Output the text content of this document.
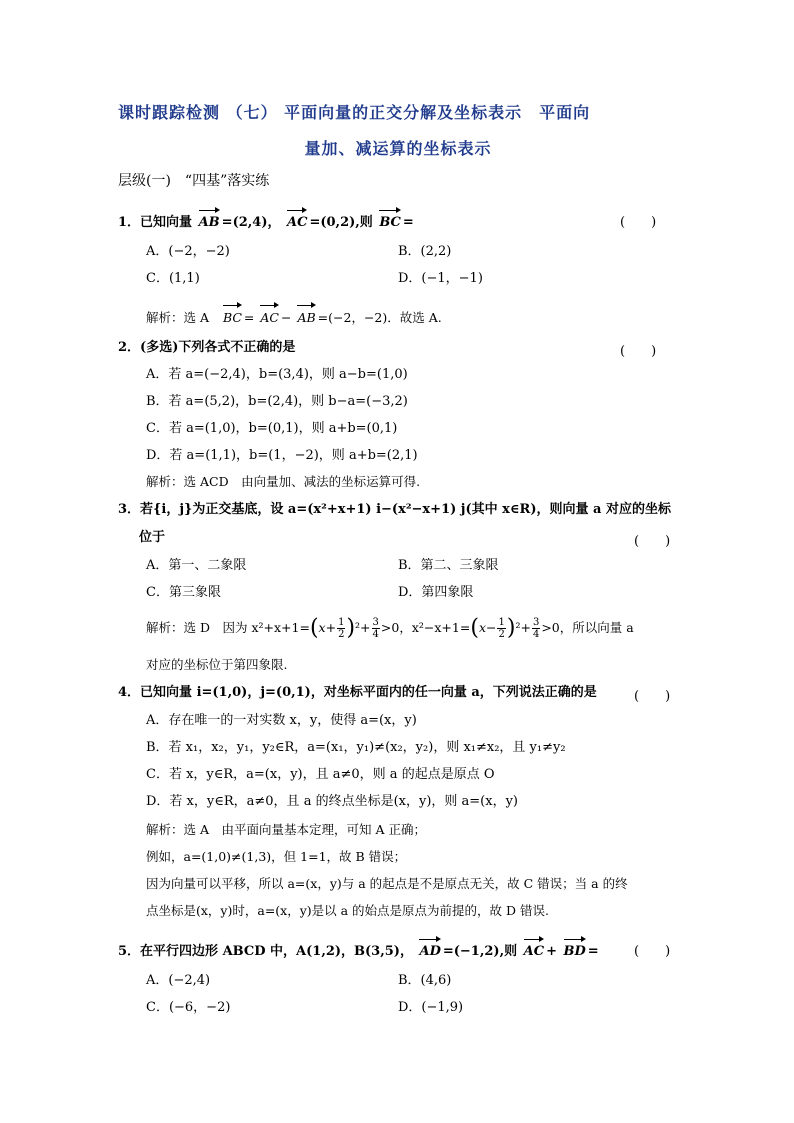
课时跟踪检测 （七） 平面向量的正交分解及坐标表示　平面向
量加、减运算的坐标表示
层级(一)　“四基”落实练
1．已知向量 AB =(2,4)， AC =(0,2),则 BC =	(　　)
A．(−2，−2)	B．(2,2)
C．(1,1)	D．(−1，−1)
解析：选 A BC = AC − AB =(−2，−2)．故选 A.
2．(多选)下列各式不正确的是	(　　)
A．若 a=(−2,4)，b=(3,4)，则 a−b=(1,0)
B．若 a=(5,2)，b=(2,4)，则 b−a=(−3,2)
C．若 a=(1,0)，b=(0,1)，则 a+b=(0,1)
D．若 a=(1,1)，b=(1，−2)，则 a+b=(2,1)
解析：选 ACD　由向量加、减法的坐标运算可得.
3．若{i，j}为正交基底，设 a=(x²+x+1) i−(x²−x+1) j(其中 x∈R)，则向量 a 对应的坐标
位于	(　　)
A．第一、二象限	B．第二、三象限
C．第三象限	D．第四象限
解析：选 D　因为 $x^2+x+1=(x+ \frac{1}{2} )^2+ \frac{3}{4} >0$，$x^2-x+1=(x- \frac{1}{2} )^2+ \frac{3}{4} >0$，所以向量 a
对应的坐标位于第四象限.
4．已知向量 i=(1,0)，j=(0,1)，对坐标平面内的任一向量 a，下列说法正确的是	(　　)
A．存在唯一的一对实数 x，y，使得 a=(x，y)
B．若 x₁，x₂，y₁，y₂∈R，a=(x₁，y₁)≠(x₂，y₂)，则 x₁≠x₂，且 y₁≠y₂
C．若 x，y∈R，a=(x，y)，且 a≠0，则 a 的起点是原点 O
D．若 x，y∈R，a≠0，且 a 的终点坐标是(x，y)，则 a=(x，y)
解析：选 A　由平面向量基本定理，可知 A 正确；
例如，a=(1,0)≠(1,3)，但 1=1，故 B 错误；
因为向量可以平移，所以 a=(x，y)与 a 的起点是不是原点无关，故 C 错误；当 a 的终
点坐标是(x，y)时，a=(x，y)是以 a 的始点是原点为前提的，故 D 错误.
5．在平行四边形 ABCD 中，A(1,2)，B(3,5)， AD =(−1,2),则 AC + BD =	(　　)
A．(−2,4)	B．(4,6)
C．(−6，−2)	D．(−1,9)
